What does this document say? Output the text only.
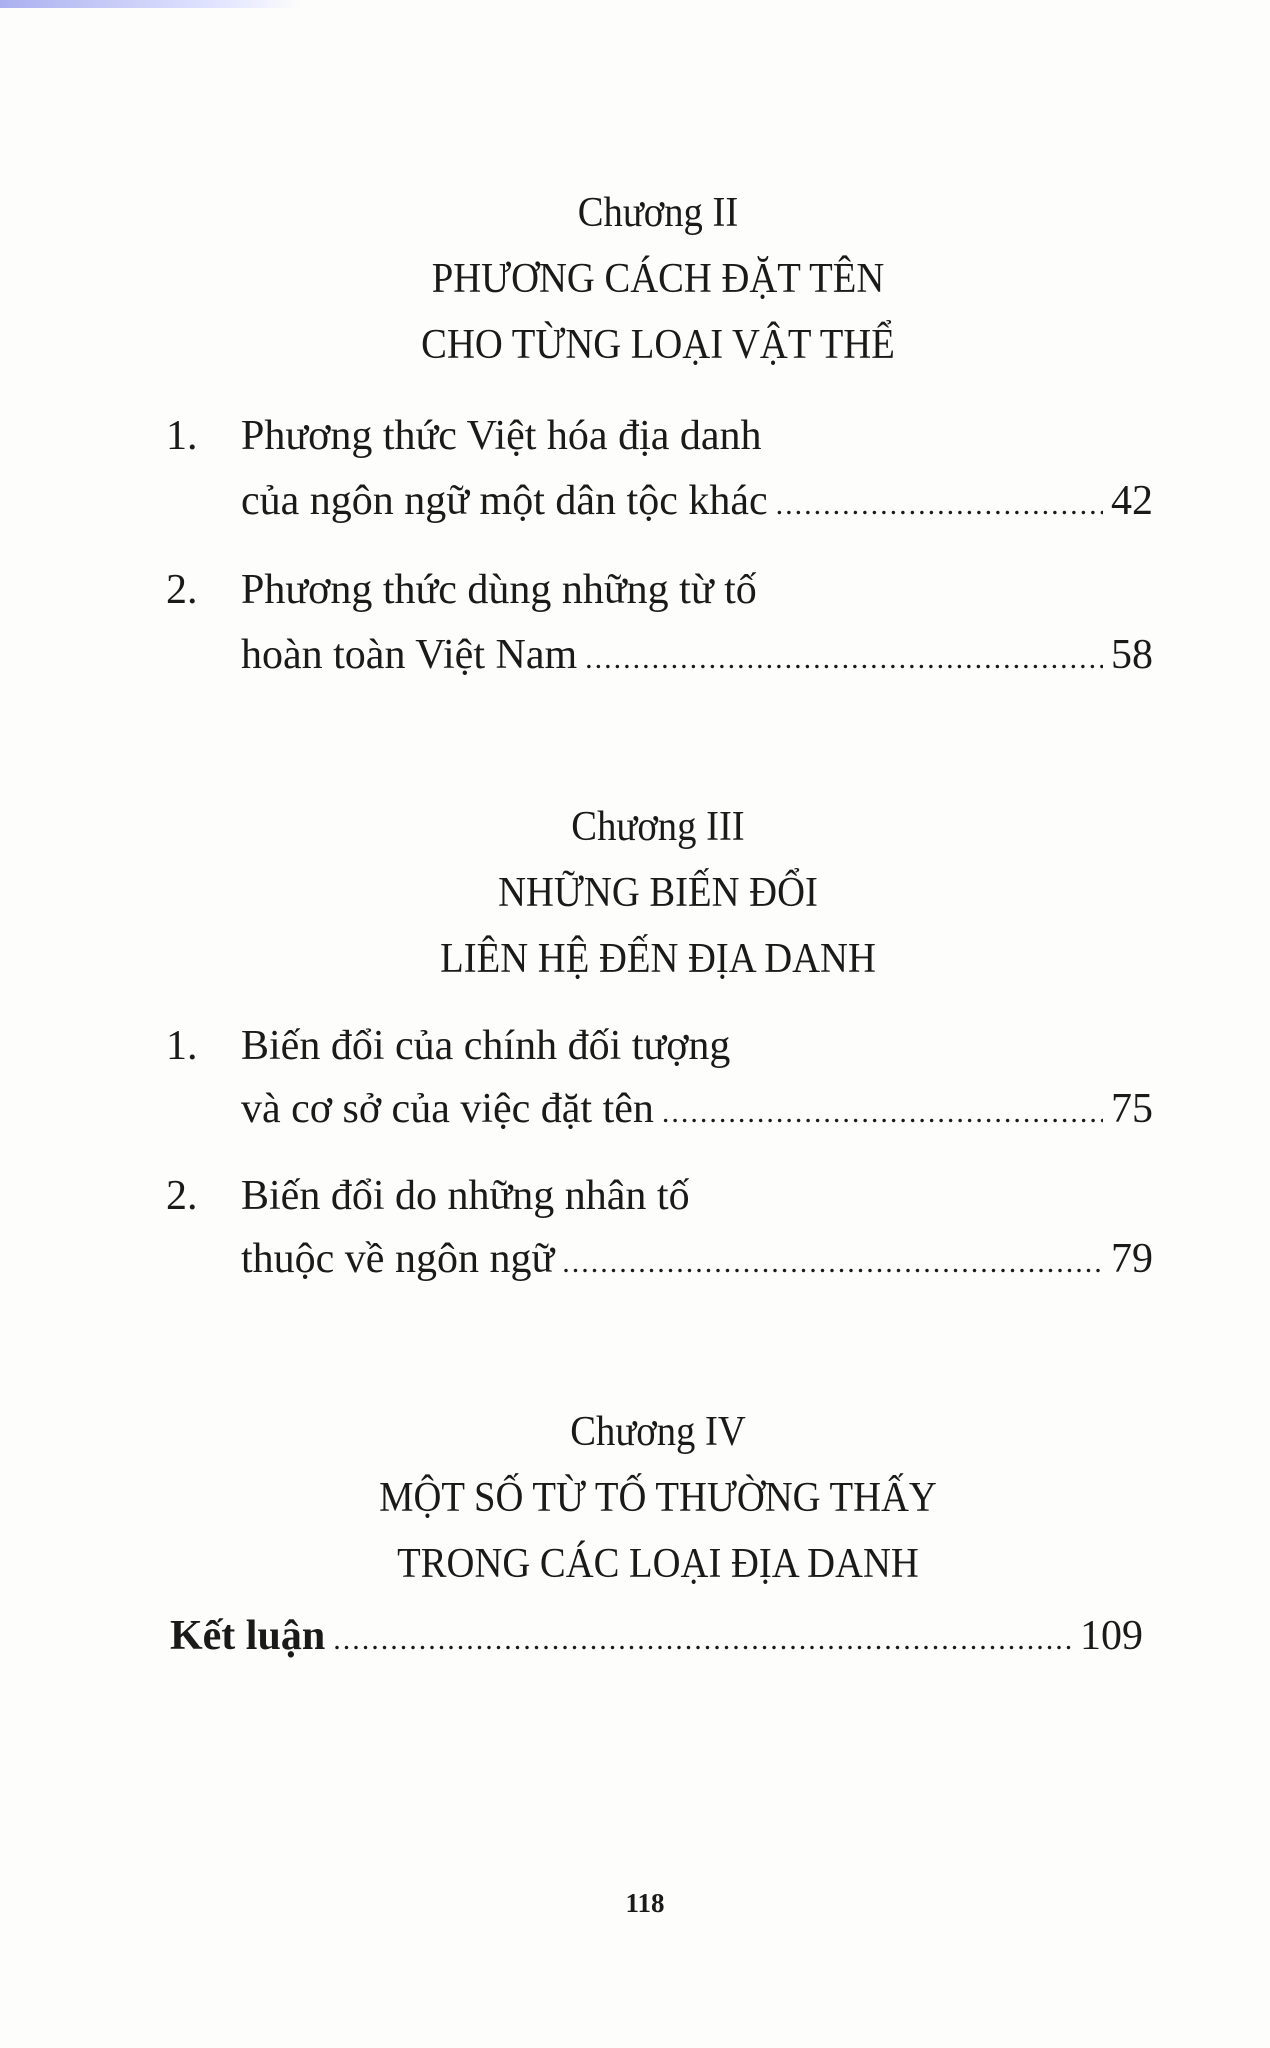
Chương II
PHƯƠNG CÁCH ĐẶT TÊN
CHO TỪNG LOẠI VẬT THỂ
1. Phương thức Việt hóa địa danh
của ngôn ngữ một dân tộc khác .....	42
2. Phương thức dùng những từ tố
hoàn toàn Việt Nam .....	58
Chương III
NHỮNG BIẾN ĐỔI
LIÊN HỆ ĐẾN ĐỊA DANH
1. Biến đổi của chính đối tượng
và cơ sở của việc đặt tên .....	75
2. Biến đổi do những nhân tố
thuộc về ngôn ngữ .....	79
Chương IV
MỘT SỐ TỪ TỐ THƯỜNG THẤY
TRONG CÁC LOẠI ĐỊA DANH
Kết luận .....	109
118
